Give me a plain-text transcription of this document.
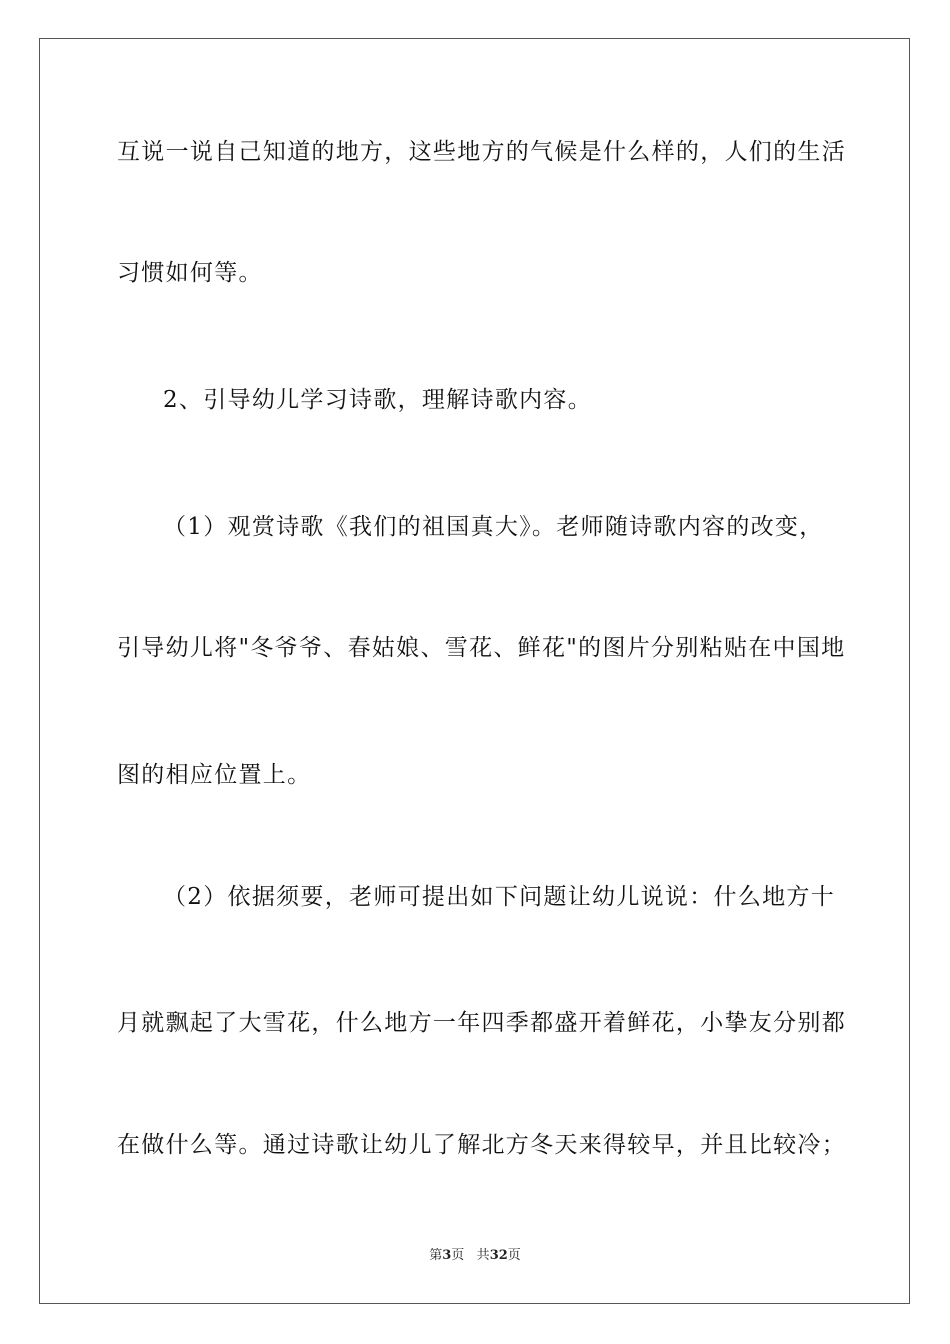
互说一说自己知道的地方，这些地方的气候是什么样的，人们的生活
习惯如何等。
2、引导幼儿学习诗歌，理解诗歌内容。
（1）观赏诗歌《我们的祖国真大》。老师随诗歌内容的改变，
引导幼儿将"冬爷爷、春姑娘、雪花、鲜花"的图片分别粘贴在中国地
图的相应位置上。
（2）依据须要，老师可提出如下问题让幼儿说说：什么地方十
月就飘起了大雪花，什么地方一年四季都盛开着鲜花，小挚友分别都
在做什么等。通过诗歌让幼儿了解北方冬天来得较早，并且比较冷；
第3页 共32页
